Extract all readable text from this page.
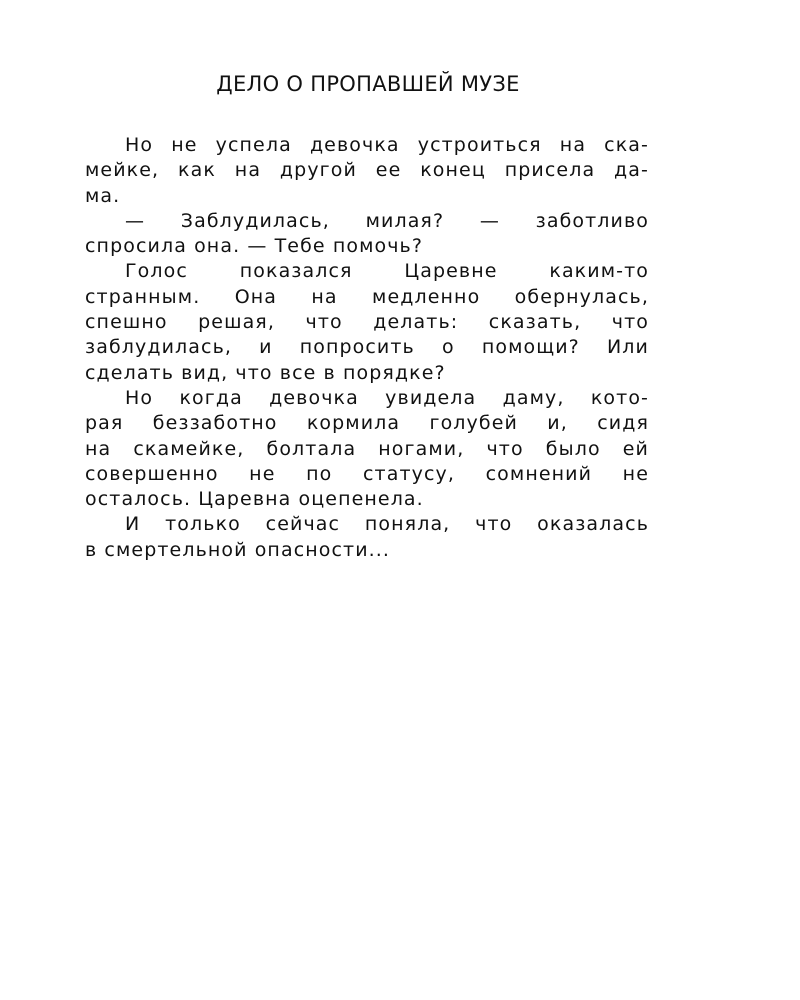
ДЕЛО О ПРОПАВШЕЙ МУЗЕ

Но не успела девочка устроиться на ска-
мейке, как на другой ее конец присела да-
ма.

— Заблудилась, милая? — заботливо
спросила она. — Тебе помочь?

Голос показался Царевне каким-то
странным. Она на медленно обернулась,
спешно решая, что делать: сказать, что
заблудилась, и попросить о помощи? Или
сделать вид, что все в порядке?

Но когда девочка увидела даму, кото-
рая беззаботно кормила голубей и, сидя
на скамейке, болтала ногами, что было ей
совершенно не по статусу, сомнений не
осталось. Царевна оцепенела.

И только сейчас поняла, что оказалась
в смертельной опасности...
